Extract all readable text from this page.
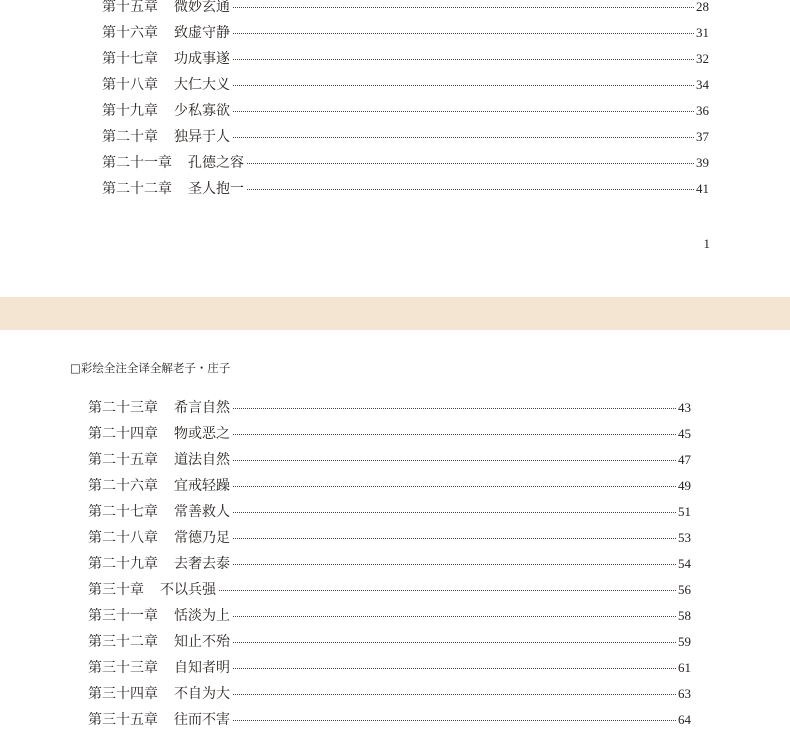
第十五章 微妙玄通	28
第十六章 致虚守静	31
第十七章 功成事遂	32
第十八章 大仁大义	34
第十九章 少私寡欲	36
第二十章 独异于人	37
第二十一章 孔德之容	39
第二十二章 圣人抱一	41
1
□彩绘全注全译全解老子・庄子
第二十三章 希言自然	43
第二十四章 物或恶之	45
第二十五章 道法自然	47
第二十六章 宜戒轻躁	49
第二十七章 常善救人	51
第二十八章 常德乃足	53
第二十九章 去奢去泰	54
第三十章 不以兵强	56
第三十一章 恬淡为上	58
第三十二章 知止不殆	59
第三十三章 自知者明	61
第三十四章 不自为大	63
第三十五章 往而不害	64
